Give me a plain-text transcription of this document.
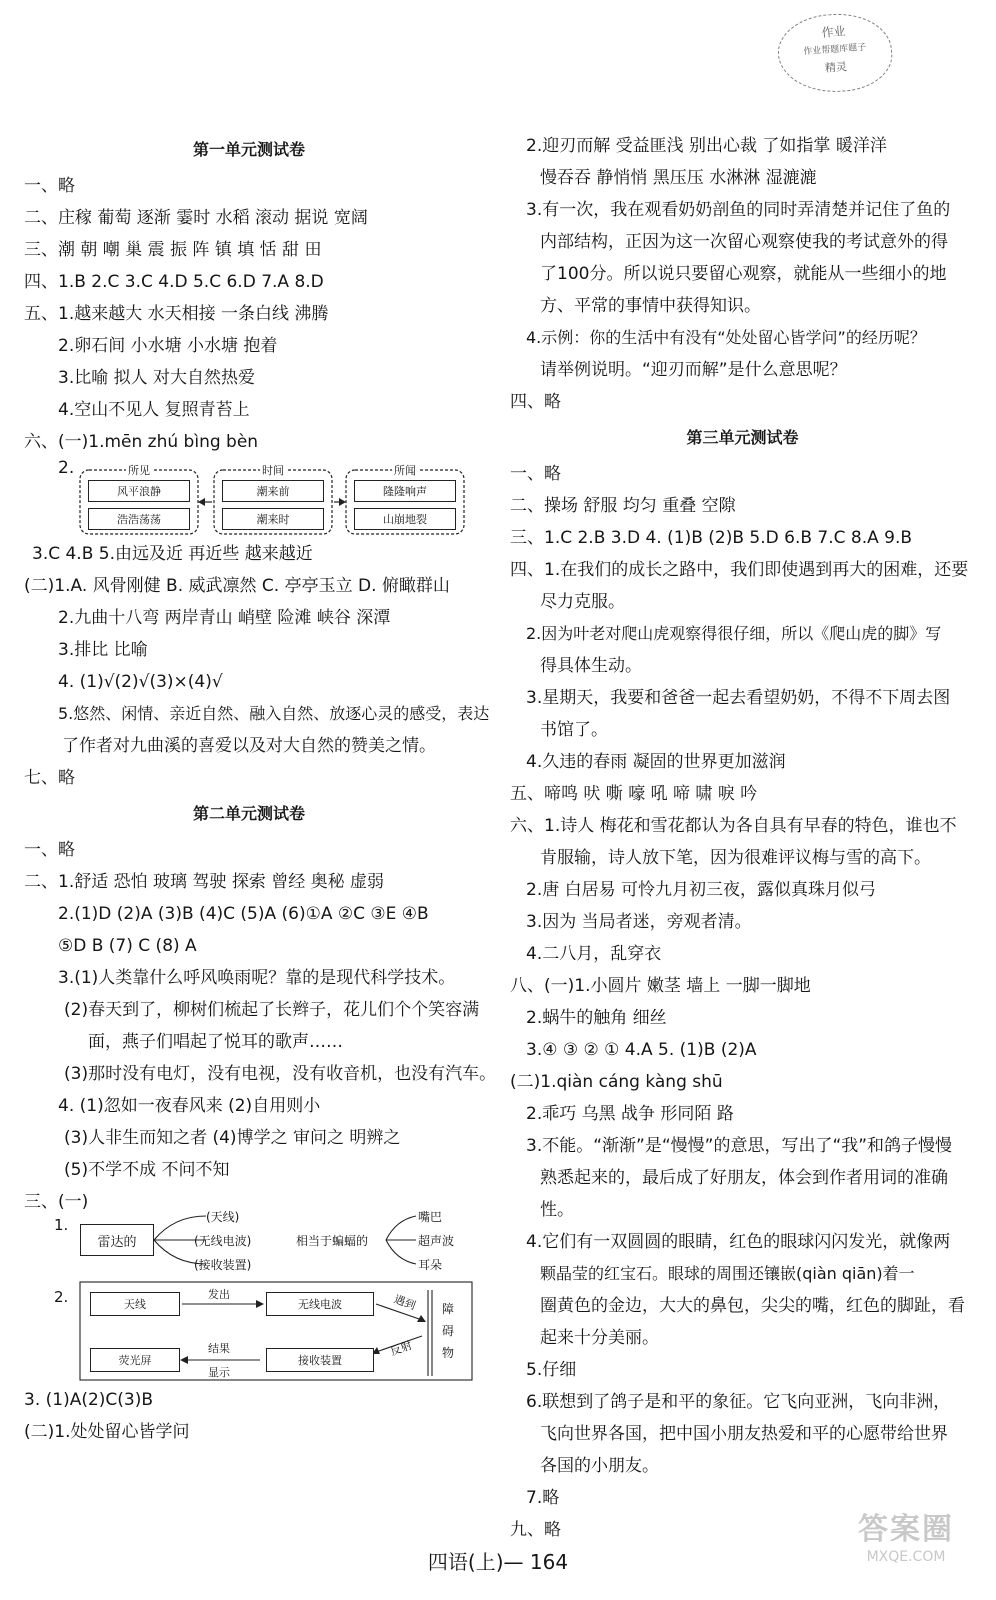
作业
作业帮题库题子
精灵
第一单元测试卷
一、略
二、庄稼 葡萄 逐渐 霎时 水稻 滚动 据说 宽阔
三、潮 朝 嘲 巢 震 振 阵 镇 填 恬 甜 田
四、1.B 2.C 3.C 4.D 5.C 6.D 7.A 8.D
五、1.越来越大 水天相接 一条白线 沸腾
2.卵石间 小水塘 小水塘 抱着
3.比喻 拟人 对大自然热爱
4.空山不见人 复照青苔上
六、(一)1.mēn zhú bìng bèn
2.	所见	时间	所闻
风平浪静
浩浩荡荡
潮来前
潮来时
隆隆响声
山崩地裂
3.C 4.B 5.由远及近 再近些 越来越近
(二)1.A. 风骨刚健 B. 威武凛然 C. 亭亭玉立 D. 俯瞰群山
2.九曲十八弯 两岸青山 峭壁 险滩 峡谷 深潭
3.排比 比喻
4. (1)√(2)√(3)×(4)√
5.悠然、闲情、亲近自然、融入自然、放逐心灵的感受，表达
了作者对九曲溪的喜爱以及对大自然的赞美之情。
七、略
第二单元测试卷
一、略
二、1.舒适 恐怕 玻璃 驾驶 探索 曾经 奥秘 虚弱
2.(1)D (2)A (3)B (4)C (5)A (6)①A ②C ③E ④B
⑤D B (7) C (8) A
3.(1)人类靠什么呼风唤雨呢？靠的是现代科学技术。
(2)春天到了，柳树们梳起了长辫子，花儿们个个笑容满
面，燕子们唱起了悦耳的歌声……
(3)那时没有电灯，没有电视，没有收音机，也没有汽车。
4. (1)忽如一夜春风来 (2)自用则小
(3)人非生而知之者 (4)博学之 审问之 明辨之
(5)不学不成 不问不知
三、(一)
1.
雷达的
(天线)
(无线电波)
(接收装置)
相当于蝙蝠的
嘴巴
超声波
耳朵
2.	天线	无线电波
荧光屏	接收装置
发出	遇到
反射
结果
显示
障碍物
3. (1)A(2)C(3)B
(二)1.处处留心皆学问
2.迎刃而解 受益匪浅 别出心裁 了如指掌 暖洋洋
慢吞吞 静悄悄 黑压压 水淋淋 湿漉漉
3.有一次，我在观看奶奶剖鱼的同时弄清楚并记住了鱼的
内部结构，正因为这一次留心观察使我的考试意外的得
了100分。所以说只要留心观察，就能从一些细小的地
方、平常的事情中获得知识。
4.示例：你的生活中有没有“处处留心皆学问”的经历呢？
请举例说明。“迎刃而解”是什么意思呢？
四、略
第三单元测试卷
一、略
二、操场 舒服 均匀 重叠 空隙
三、1.C 2.B 3.D 4. (1)B (2)B 5.D 6.B 7.C 8.A 9.B
四、1.在我们的成长之路中，我们即使遇到再大的困难，还要
尽力克服。
2.因为叶老对爬山虎观察得很仔细，所以《爬山虎的脚》写
得具体生动。
3.星期天，我要和爸爸一起去看望奶奶，不得不下周去图
书馆了。
4.久违的春雨 凝固的世界更加滋润
五、啼鸣 吠 嘶 嚎 吼 啼 啸 唳 吟
六、1.诗人 梅花和雪花都认为各自具有早春的特色，谁也不
肯服输，诗人放下笔，因为很难评议梅与雪的高下。
2.唐 白居易 可怜九月初三夜，露似真珠月似弓
3.因为 当局者迷，旁观者清。
4.二八月，乱穿衣
八、(一)1.小圆片 嫩茎 墙上 一脚一脚地
2.蜗牛的触角 细丝
3.④ ③ ② ① 4.A 5. (1)B (2)A
(二)1.qiàn cáng kàng shū
2.乖巧 乌黑 战争 形同陌 路
3.不能。“渐渐”是“慢慢”的意思，写出了“我”和鸽子慢慢
熟悉起来的，最后成了好朋友，体会到作者用词的准确
性。
4.它们有一双圆圆的眼睛，红色的眼球闪闪发光，就像两
颗晶莹的红宝石。眼球的周围还镶嵌(qiàn qiān)着一
圈黄色的金边，大大的鼻包，尖尖的嘴，红色的脚趾，看
起来十分美丽。
5.仔细
6.联想到了鸽子是和平的象征。它飞向亚洲，飞向非洲，
飞向世界各国，把中国小朋友热爱和平的心愿带给世界
各国的小朋友。
7.略
九、略
四语(上)— 164
答案圈
MXQE.COM
